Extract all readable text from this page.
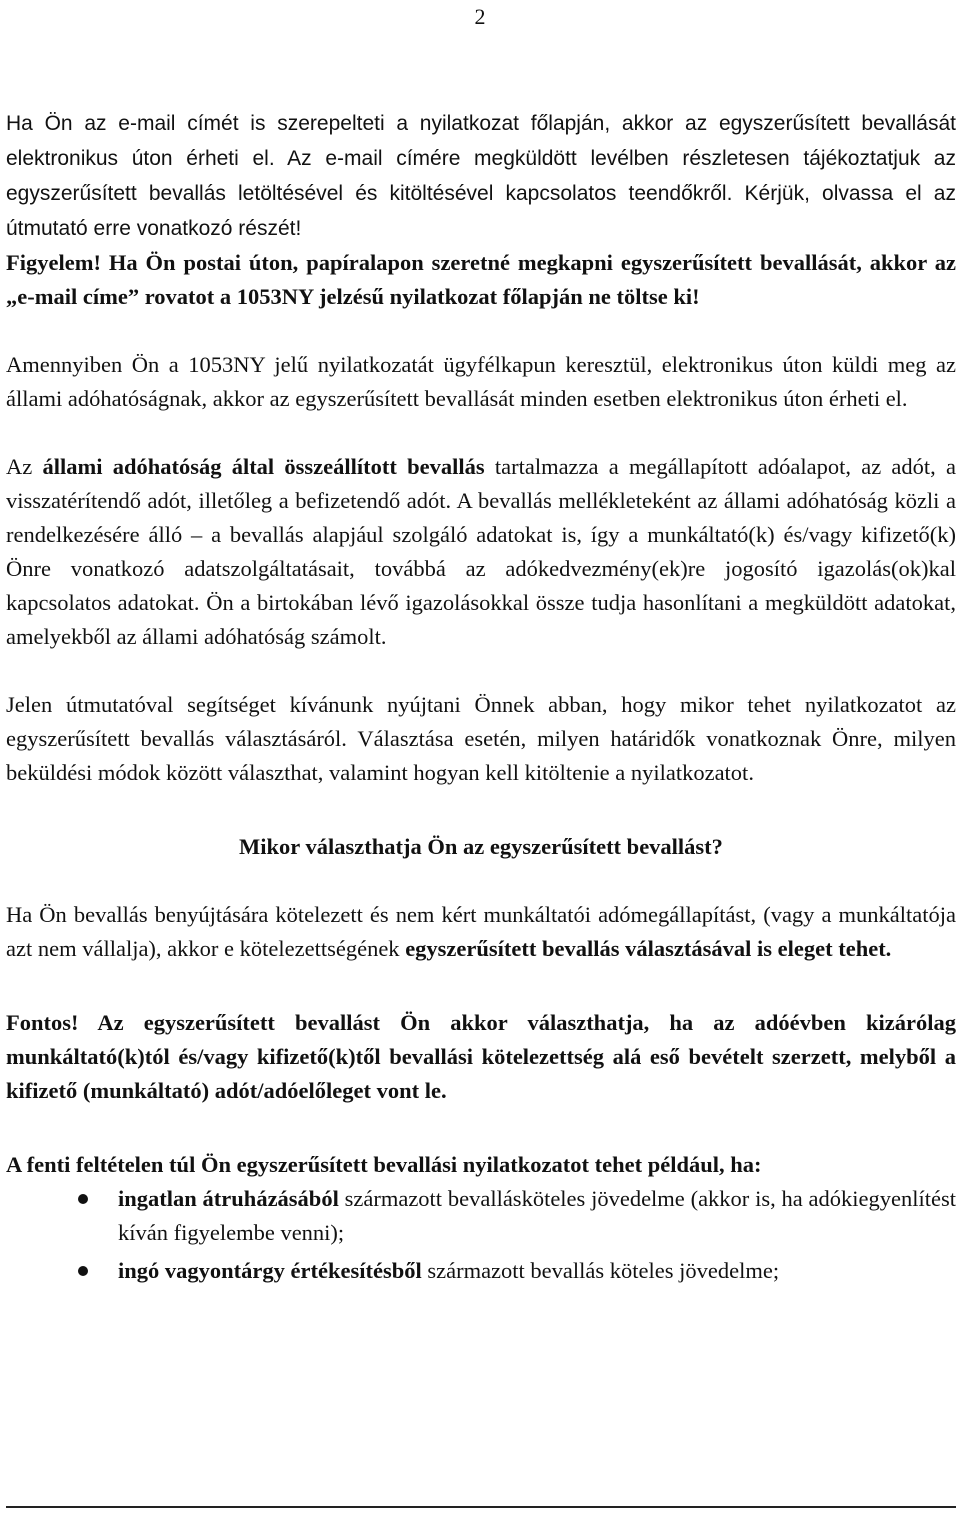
2

Ha Ön az e-mail címét is szerepelteti a nyilatkozat főlapján, akkor az egyszerűsített bevallását elektronikus úton érheti el. Az e-mail címére megküldött levélben részletesen tájékoztatjuk az egyszerűsített bevallás letöltésével és kitöltésével kapcsolatos teendőkről. Kérjük, olvassa el az útmutató erre vonatkozó részét!

Figyelem! Ha Ön postai úton, papíralapon szeretné megkapni egyszerűsített bevallását, akkor az „e-mail címe” rovatot a 1053NY jelzésű nyilatkozat főlapján ne töltse ki!

Amennyiben Ön a 1053NY jelű nyilatkozatát ügyfélkapun keresztül, elektronikus úton küldi meg az állami adóhatóságnak, akkor az egyszerűsített bevallását minden esetben elektronikus úton érheti el.

Az állami adóhatóság által összeállított bevallás tartalmazza a megállapított adóalapot, az adót, a visszatérítendő adót, illetőleg a befizetendő adót. A bevallás mellékleteként az állami adóhatóság közli a rendelkezésére álló – a bevallás alapjául szolgáló adatokat is, így a munkáltató(k) és/vagy kifizető(k) Önre vonatkozó adatszolgáltatásait, továbbá az adókedvezmény(ek)re jogosító igazolás(ok)kal kapcsolatos adatokat. Ön a birtokában lévő igazolásokkal össze tudja hasonlítani a megküldött adatokat, amelyekből az állami adóhatóság számolt.

Jelen útmutatóval segítséget kívánunk nyújtani Önnek abban, hogy mikor tehet nyilatkozatot az egyszerűsített bevallás választásáról. Választása esetén, milyen határidők vonatkoznak Önre, milyen beküldési módok között választhat, valamint hogyan kell kitöltenie a nyilatkozatot.

Mikor választhatja Ön az egyszerűsített bevallást?

Ha Ön bevallás benyújtására kötelezett és nem kért munkáltatói adómegállapítást, (vagy a munkáltatója azt nem vállalja), akkor e kötelezettségének egyszerűsített bevallás választásával is eleget tehet.

Fontos! Az egyszerűsített bevallást Ön akkor választhatja, ha az adóévben kizárólag munkáltató(k)tól és/vagy kifizető(k)től bevallási kötelezettség alá eső bevételt szerzett, melyből a kifizető (munkáltató) adót/adóelőleget vont le.

A fenti feltételen túl Ön egyszerűsített bevallási nyilatkozatot tehet például, ha:

ingatlan átruházásából származott bevallásköteles jövedelme (akkor is, ha adókiegyenlítést kíván figyelembe venni);
ingó vagyontárgy értékesítésből származott bevallás köteles jövedelme;
